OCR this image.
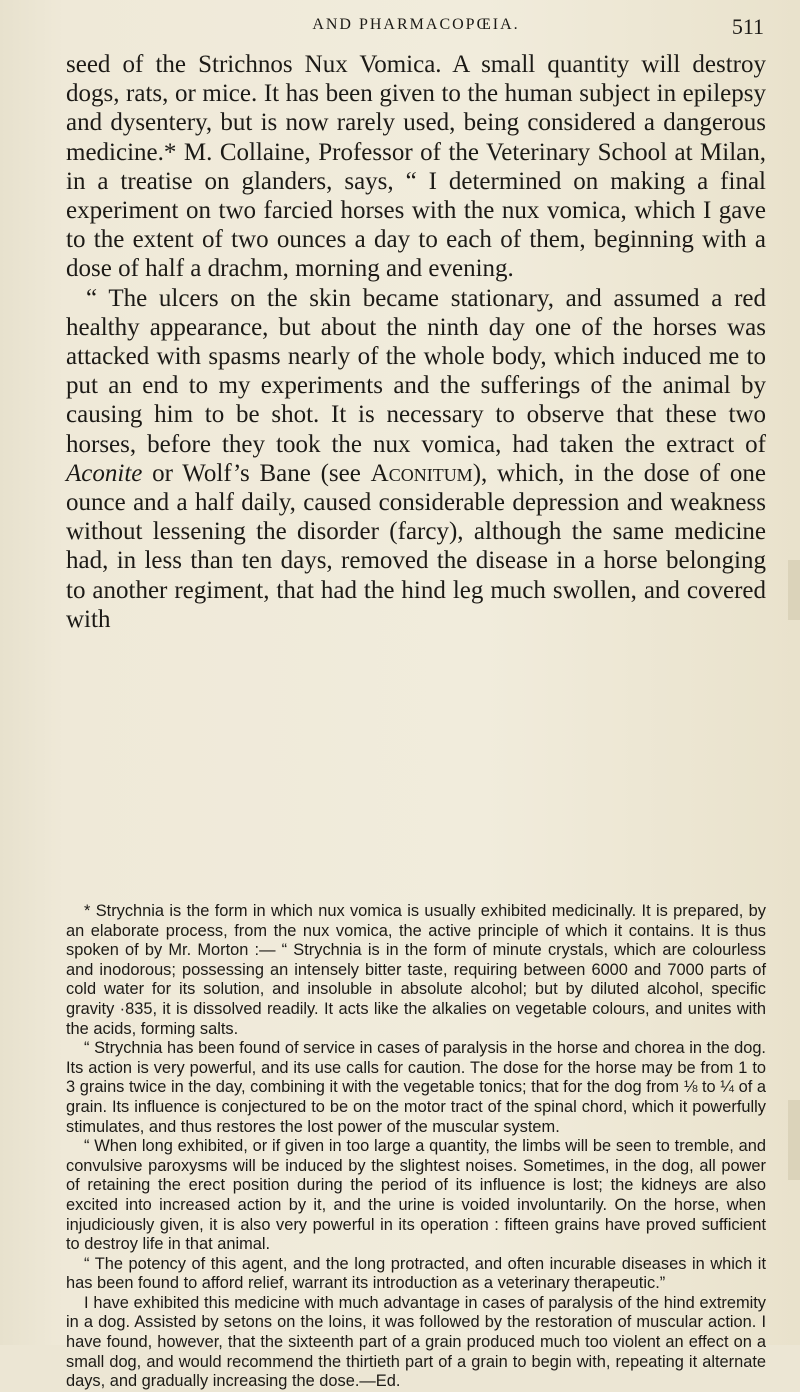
AND PHARMACOPŒIA.	511

seed of the Strichnos Nux Vomica. A small quantity will destroy dogs, rats, or mice. It has been given to the human subject in epilepsy and dysentery, but is now rarely used, being considered a dangerous medicine.* M. Collaine, Professor of the Veterinary School at Milan, in a treatise on glanders, says, “ I determined on making a final experiment on two farcied horses with the nux vomica, which I gave to the extent of two ounces a day to each of them, beginning with a dose of half a drachm, morning and evening.

“ The ulcers on the skin became stationary, and assumed a red healthy appearance, but about the ninth day one of the horses was attacked with spasms nearly of the whole body, which induced me to put an end to my experiments and the sufferings of the animal by causing him to be shot. It is necessary to observe that these two horses, before they took the nux vomica, had taken the extract of Aconite or Wolf’s Bane (see Aconitum), which, in the dose of one ounce and a half daily, caused considerable depression and weakness without lessening the disorder (farcy), although the same medicine had, in less than ten days, removed the disease in a horse belonging to another regiment, that had the hind leg much swollen, and covered with

* Strychnia is the form in which nux vomica is usually exhibited medicinally. It is prepared, by an elaborate process, from the nux vomica, the active principle of which it contains. It is thus spoken of by Mr. Morton :— “ Strychnia is in the form of minute crystals, which are colourless and inodorous; possessing an intensely bitter taste, requiring between 6000 and 7000 parts of cold water for its solution, and insoluble in absolute alcohol; but by diluted alcohol, specific gravity ·835, it is dissolved readily. It acts like the alkalies on vegetable colours, and unites with the acids, forming salts.

“ Strychnia has been found of service in cases of paralysis in the horse and chorea in the dog. Its action is very powerful, and its use calls for caution. The dose for the horse may be from 1 to 3 grains twice in the day, combining it with the vegetable tonics; that for the dog from ⅛ to ¼ of a grain. Its influence is conjectured to be on the motor tract of the spinal chord, which it powerfully stimulates, and thus restores the lost power of the muscular system.

“ When long exhibited, or if given in too large a quantity, the limbs will be seen to tremble, and convulsive paroxysms will be induced by the slightest noises. Sometimes, in the dog, all power of retaining the erect position during the period of its influence is lost; the kidneys are also excited into increased action by it, and the urine is voided involuntarily. On the horse, when injudiciously given, it is also very powerful in its operation : fifteen grains have proved sufficient to destroy life in that animal.

“ The potency of this agent, and the long protracted, and often incurable diseases in which it has been found to afford relief, warrant its introduction as a veterinary therapeutic.”

I have exhibited this medicine with much advantage in cases of paralysis of the hind extremity in a dog. Assisted by setons on the loins, it was followed by the restoration of muscular action. I have found, however, that the sixteenth part of a grain produced much too violent an effect on a small dog, and would recommend the thirtieth part of a grain to begin with, repeating it alternate days, and gradually increasing the dose.—Ed.
